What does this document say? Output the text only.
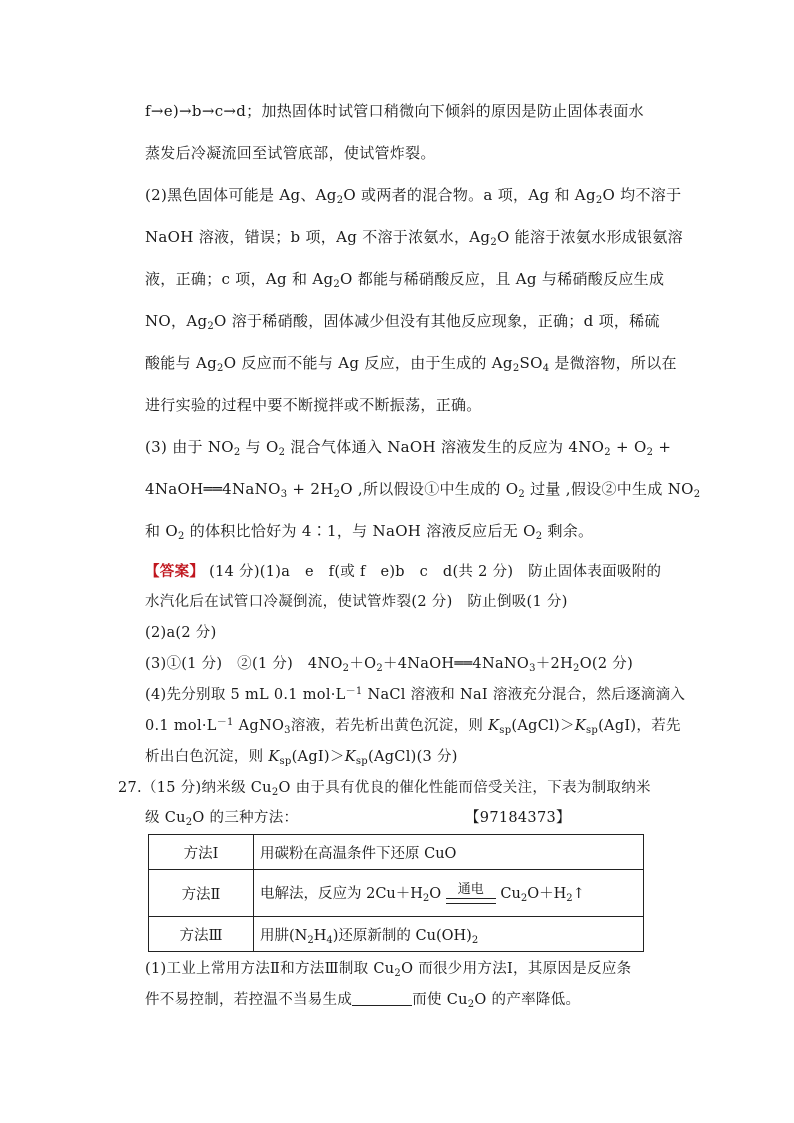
f→e)→b→c→d；加热固体时试管口稍微向下倾斜的原因是防止固体表面水
蒸发后冷凝流回至试管底部，使试管炸裂。
(2)黑色固体可能是 Ag、$Ag_2O$ 或两者的混合物。a 项，Ag 和 $Ag_2O$ 均不溶于
NaOH 溶液，错误；b 项，Ag 不溶于浓氨水，$Ag_2O$ 能溶于浓氨水形成银氨溶
液，正确；c 项，Ag 和 $Ag_2O$ 都能与稀硝酸反应，且 Ag 与稀硝酸反应生成
NO，$Ag_2O$ 溶于稀硝酸，固体减少但没有其他反应现象，正确；d 项，稀硫
酸能与 $Ag_2O$ 反应而不能与 Ag 反应，由于生成的 $Ag_2SO_4$ 是微溶物，所以在
进行实验的过程中要不断搅拌或不断振荡，正确。
(3) 由于 $NO_2$ 与 $O_2$ 混合气体通入 NaOH 溶液发生的反应为 $4NO_2 + O_2$ +
4NaOH══4NaNO$_3$ + $2H_2O$ ,所以假设①中生成的 $O_2$ 过量 ,假设②中生成 $NO_2$
和 $O_2$ 的体积比恰好为 4∶1，与 NaOH 溶液反应后无 $O_2$ 剩余。
【答案】 (14 分)(1)a　e　f(或 f　e)b　c　d(共 2 分)　防止固体表面吸附的
水汽化后在试管口冷凝倒流，使试管炸裂(2 分)　防止倒吸(1 分)
(2)a(2 分)
(3)①(1 分)　②(1 分)　$4NO_2+O_2+4NaOH══4NaNO_3+2H_2O(2$ 分)
(4)先分别取 5 mL 0.1 $mol\cdot L^{-1}$ NaCl 溶液和 NaI 溶液充分混合，然后逐滴滴入
0.1 $mol\cdot L^{-1}$ AgNO$_3$溶液，若先析出黄色沉淀，则 $K_{sp}(AgCl)>K_{sp}(AgI)$，若先
析出白色沉淀，则 $K_{sp}(AgI)>K_{sp}(AgCl)(3$ 分)
27.（15 分)纳米级 $Cu_2O$ 由于具有优良的催化性能而倍受关注，下表为制取纳米
级 $Cu_2O$ 的三种方法：	【97184373】
方法Ⅰ	用碳粉在高温条件下还原 CuO
方法Ⅱ	电解法，反应为 $2Cu+H_2O$ 通电 $Cu_2O+H_2↑$
方法Ⅲ	用肼$(N_2H_4)$还原新制的 $Cu(OH)_2$
(1)工业上常用方法Ⅱ和方法Ⅲ制取 $Cu_2O$ 而很少用方法Ⅰ，其原因是反应条
件不易控制，若控温不当易生成	而使 $Cu_2O$ 的产率降低。
